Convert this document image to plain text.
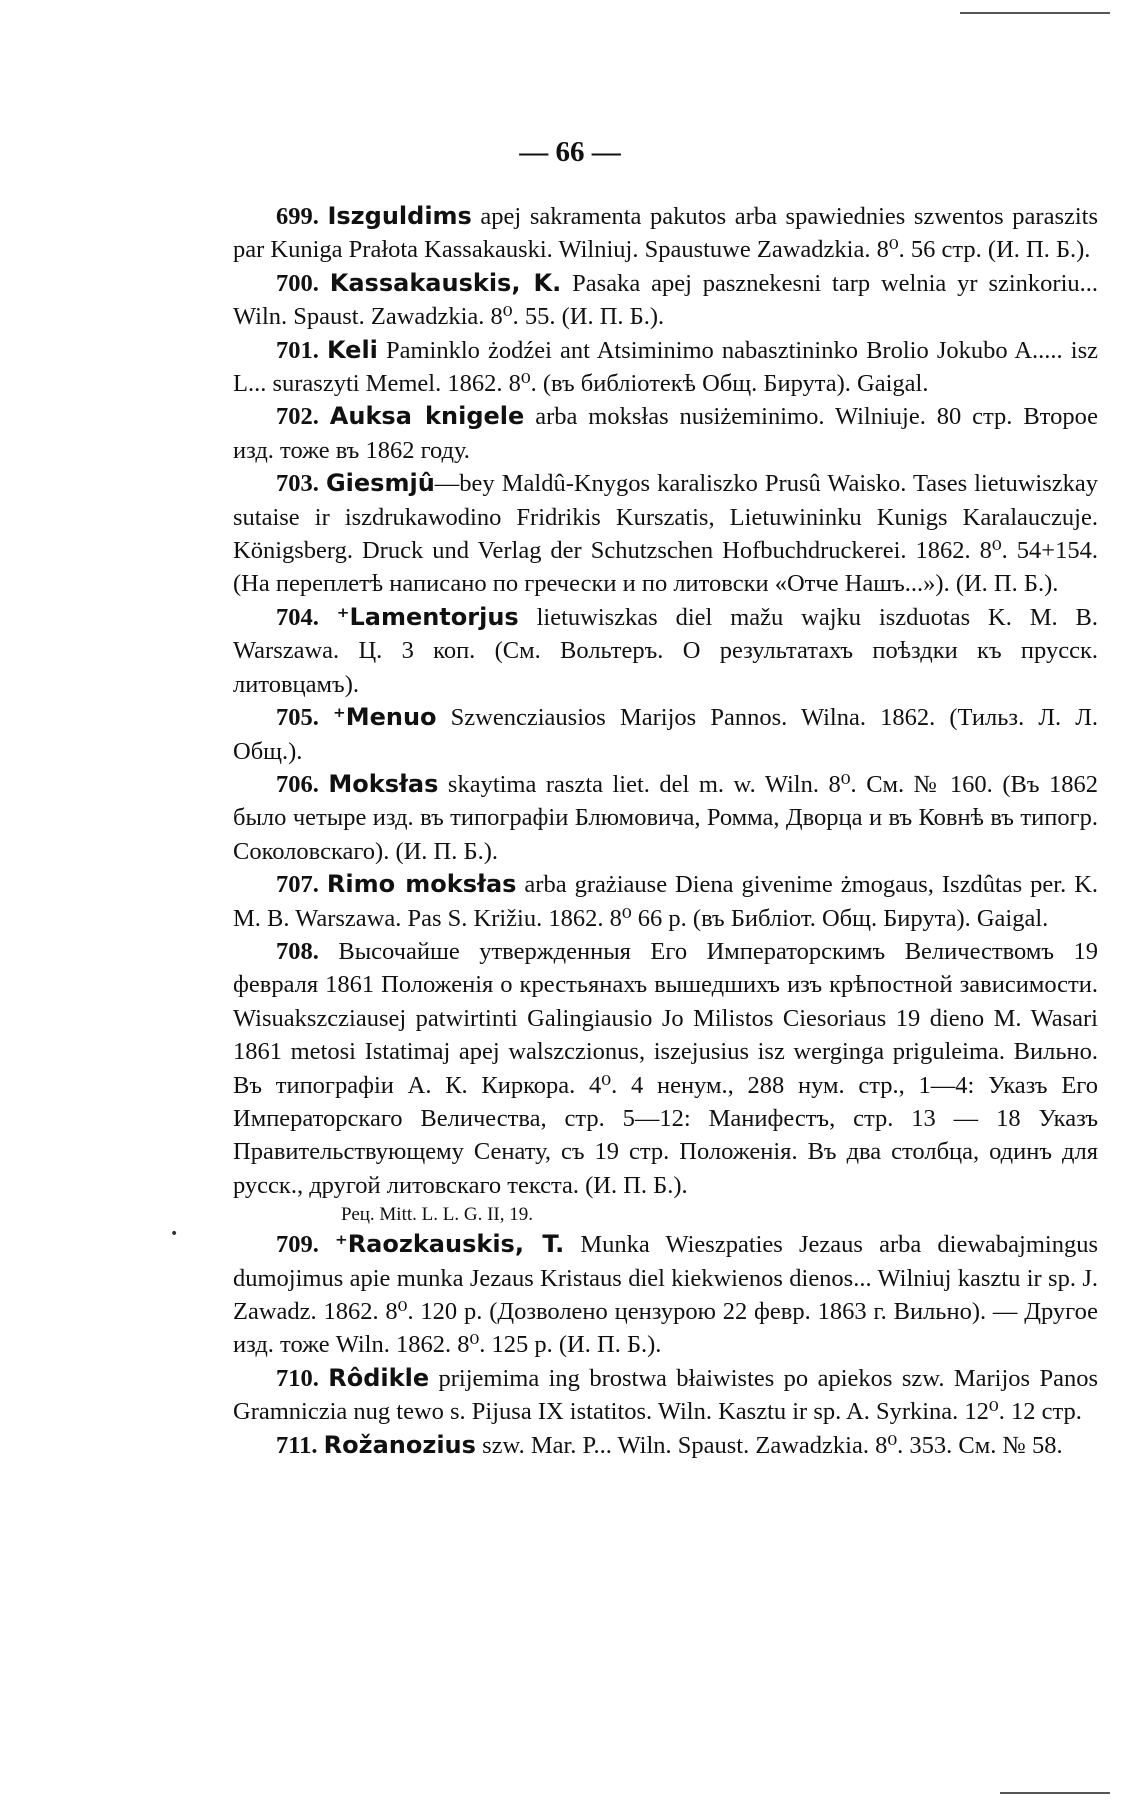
•
— 66 —

699. Iszguldims apej sakramenta pakutos arba spawiednies szwentos paraszits par Kuniga Prałota Kassakauski. Wilniuj. Spaustuwe Zawadzkia. 8⁰. 56 стр. (И. П. Б.).

700. Kassakauskis, K. Pasaka apej pasznekesni tarp welnia yr szinkoriu... Wiln. Spaust. Zawadzkia. 8⁰. 55. (И. П. Б.).

701. Keli Paminklo żodźei ant Atsiminimo nabasztininko Brolio Jokubo A..... isz L... suraszyti Memel. 1862. 8⁰. (въ библіотекѣ Общ. Бирута). Gaigal.

702. Auksa knigele arba moksłas nusiżeminimo. Wilniuje. 80 стр. Второе изд. тоже въ 1862 году.

703. Giesmjû—bey Maldû-Knygos karaliszko Prusû Waisko. Tases lietuwiszkay sutaise ir iszdrukawodino Fridrikis Kurszatis, Lietuwininku Kunigs Karalauczuje. Königsberg. Druck und Verlag der Schutzschen Hofbuchdruckerei. 1862. 8⁰. 54+154. (На переплетѣ написано по гречески и по литовски «Отче Нашъ...»). (И. П. Б.).

704. ⁺Lamentorjus lietuwiszkas diel mažu wajku iszduotas K. M. B. Warszawa. Ц. 3 коп. (См. Вольтеръ. О результатахъ поѣздки къ прусск. литовцамъ).

705. ⁺Menuo Szwencziausios Marijos Pannos. Wilna. 1862. (Тильз. Л. Л. Общ.).

706. Moksłas skaytima raszta liet. del m. w. Wiln. 8⁰. См. № 160. (Въ 1862 было четыре изд. въ типографіи Блюмовича, Ромма, Дворца и въ Ковнѣ въ типогр. Соколовскаго). (И. П. Б.).

707. Rimo moksłas arba grażiause Diena givenime żmogaus, Iszdûtas per. K. M. B. Warszawa. Pas S. Križiu. 1862. 8⁰ 66 p. (въ Библіот. Общ. Бирута). Gaigal.

708. Высочайше утвержденныя Его Императорскимъ Величествомъ 19 февраля 1861 Положенія о крестьянахъ вышедшихъ изъ крѣпостной зависимости. Wisuakszcziausej patwirtinti Galingiausio Jo Milistos Ciesoriaus 19 dieno M. Wasari 1861 metosi Istatimaj apej walszczionus, iszejusius isz werginga priguleima. Вильно. Въ типографіи А. К. Киркора. 4⁰. 4 ненум., 288 нум. стр., 1—4: Указъ Его Императорскаго Величества, стр. 5—12: Манифестъ, стр. 13 — 18 Указъ Правительствующему Сенату, съ 19 стр. Положенія. Въ два столбца, одинъ для русск., другой литовскаго текста. (И. П. Б.).

Рец. Mitt. L. L. G. II, 19.

709. ⁺Raozkauskis, T. Munka Wieszpaties Jezaus arba diewabajmingus dumojimus apie munka Jezaus Kristaus diel kiekwienos dienos... Wilniuj kasztu ir sp. J. Zawadz. 1862. 8⁰. 120 p. (Дозволено цензурою 22 февр. 1863 г. Вильно). — Другое изд. тоже Wiln. 1862. 8⁰. 125 p. (И. П. Б.).

710. Rôdikle prijemima ing brostwa błaiwistes po apiekos szw. Marijos Panos Gramniczia nug tewo s. Pijusa IX istatitos. Wiln. Kasztu ir sp. A. Syrkina. 12⁰. 12 стр.

711. Rožanozius szw. Mar. P... Wiln. Spaust. Zawadzkia. 8⁰. 353. См. № 58.
